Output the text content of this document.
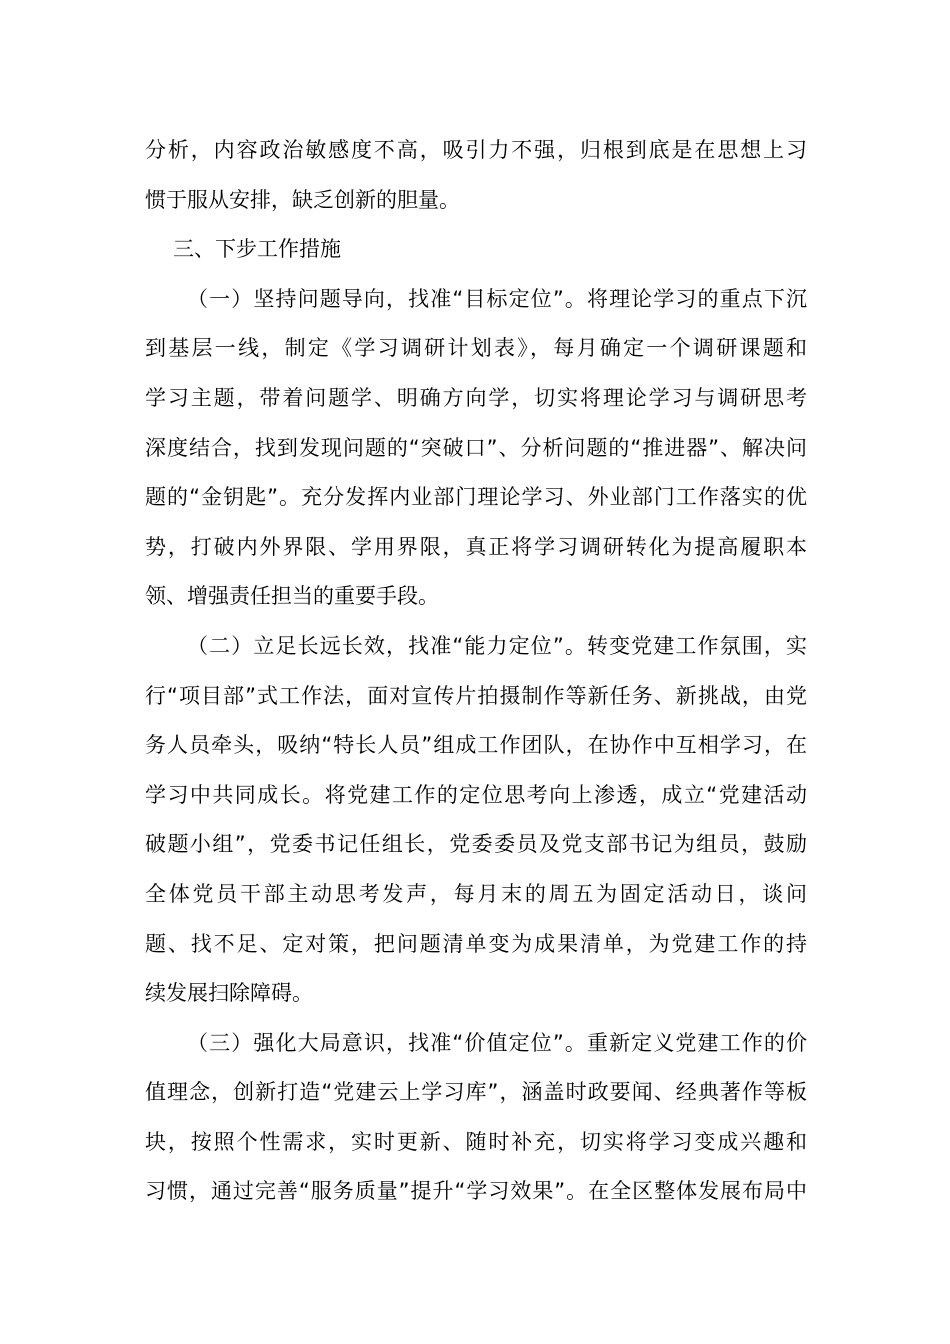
分析，内容政治敏感度不高，吸引力不强，归根到底是在思想上习
惯于服从安排，缺乏创新的胆量。
三、下步工作措施
（一）坚持问题导向，找准“目标定位”。将理论学习的重点下沉
到基层一线，制定《学习调研计划表》，每月确定一个调研课题和
学习主题，带着问题学、明确方向学，切实将理论学习与调研思考
深度结合，找到发现问题的“突破口”、分析问题的“推进器”、解决问
题的“金钥匙”。充分发挥内业部门理论学习、外业部门工作落实的优
势，打破内外界限、学用界限，真正将学习调研转化为提高履职本
领、增强责任担当的重要手段。
（二）立足长远长效，找准“能力定位”。转变党建工作氛围，实
行“项目部”式工作法，面对宣传片拍摄制作等新任务、新挑战，由党
务人员牵头，吸纳“特长人员”组成工作团队，在协作中互相学习，在
学习中共同成长。将党建工作的定位思考向上渗透，成立“党建活动
破题小组”，党委书记任组长，党委委员及党支部书记为组员，鼓励
全体党员干部主动思考发声，每月末的周五为固定活动日，谈问
题、找不足、定对策，把问题清单变为成果清单，为党建工作的持
续发展扫除障碍。
（三）强化大局意识，找准“价值定位”。重新定义党建工作的价
值理念，创新打造“党建云上学习库”，涵盖时政要闻、经典著作等板
块，按照个性需求，实时更新、随时补充，切实将学习变成兴趣和
习惯，通过完善“服务质量”提升“学习效果”。在全区整体发展布局中
